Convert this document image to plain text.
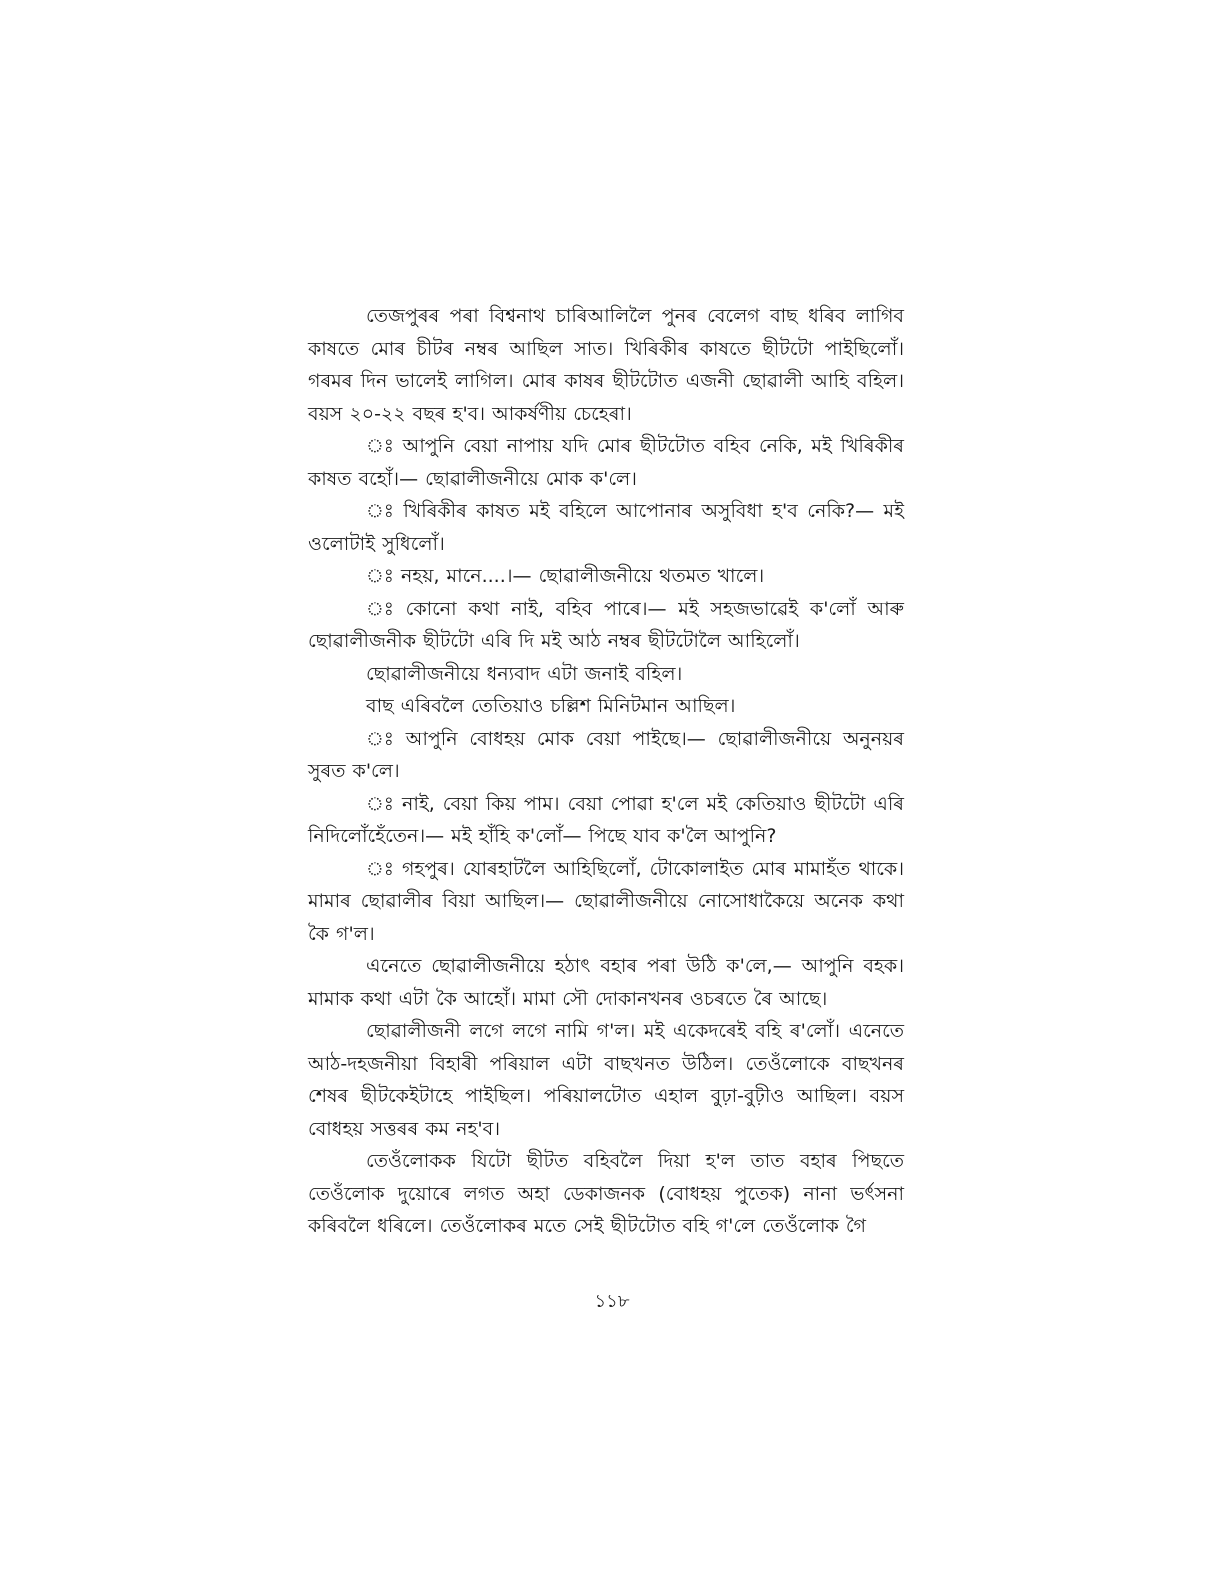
তেজপুৰৰ পৰা বিশ্বনাথ চাৰিআলিলৈ পুনৰ বেলেগ বাছ ধৰিব লাগিব কাষতে মোৰ চীটৰ নম্বৰ আছিল সাত। খিৰিকীৰ কাষতে ছীটটো পাইছিলোঁ। গৰমৰ দিন ভালেই লাগিল। মোৰ কাষৰ ছীটটোত এজনী ছোৱালী আহি বহিল। বয়স ২০-২২ বছৰ হ'ব। আকৰ্ষণীয় চেহেৰা।

ঃ আপুনি বেয়া নাপায় যদি মোৰ ছীটটোত বহিব নেকি, মই খিৰিকীৰ কাষত বহোঁ।— ছোৱালীজনীয়ে মোক ক'লে।

ঃ খিৰিকীৰ কাষত মই বহিলে আপোনাৰ অসুবিধা হ'ব নেকি?— মই ওলোটাই সুধিলোঁ।

ঃ নহয়, মানে....।— ছোৱালীজনীয়ে থতমত খালে।

ঃ কোনো কথা নাই, বহিব পাৰে।— মই সহজভাৱেই ক'লোঁ আৰু ছোৱালীজনীক ছীটটো এৰি দি মই আঠ নম্বৰ ছীটটোলৈ আহিলোঁ।

ছোৱালীজনীয়ে ধন্যবাদ এটা জনাই বহিল।

বাছ এৰিবলৈ তেতিয়াও চল্লিশ মিনিটমান আছিল।

ঃ আপুনি বোধহয় মোক বেয়া পাইছে।— ছোৱালীজনীয়ে অনুনয়ৰ সুৰত ক'লে।

ঃ নাই, বেয়া কিয় পাম। বেয়া পোৱা হ'লে মই কেতিয়াও ছীটটো এৰি নিদিলোঁহেঁতেন।— মই হাঁহি ক'লোঁ— পিছে যাব ক'লৈ আপুনি?

ঃ গহপুৰ। যোৰহাটলৈ আহিছিলোঁ, টোকোলাইত মোৰ মামাহঁত থাকে। মামাৰ ছোৱালীৰ বিয়া আছিল।— ছোৱালীজনীয়ে নোসোধাকৈয়ে অনেক কথা কৈ গ'ল।

এনেতে ছোৱালীজনীয়ে হঠাৎ বহাৰ পৰা উঠি ক'লে,— আপুনি বহক। মামাক কথা এটা কৈ আহোঁ। মামা সৌ দোকানখনৰ ওচৰতে ৰৈ আছে।

ছোৱালীজনী লগে লগে নামি গ'ল। মই একেদৰেই বহি ৰ'লোঁ। এনেতে আঠ-দহজনীয়া বিহাৰী পৰিয়াল এটা বাছখনত উঠিল। তেওঁলোকে বাছখনৰ শেষৰ ছীটকেইটাহে পাইছিল। পৰিয়ালটোত এহাল বুঢ়া-বুঢ়ীও আছিল। বয়স বোধহয় সত্তৰৰ কম নহ'ব।

তেওঁলোকক যিটো ছীটত বহিবলৈ দিয়া হ'ল তাত বহাৰ পিছতে তেওঁলোক দুয়োৰে লগত অহা ডেকাজনক (বোধহয় পুতেক) নানা ভৰ্ৎসনা কৰিবলৈ ধৰিলে। তেওঁলোকৰ মতে সেই ছীটটোত বহি গ'লে তেওঁলোক গৈ

১১৮
